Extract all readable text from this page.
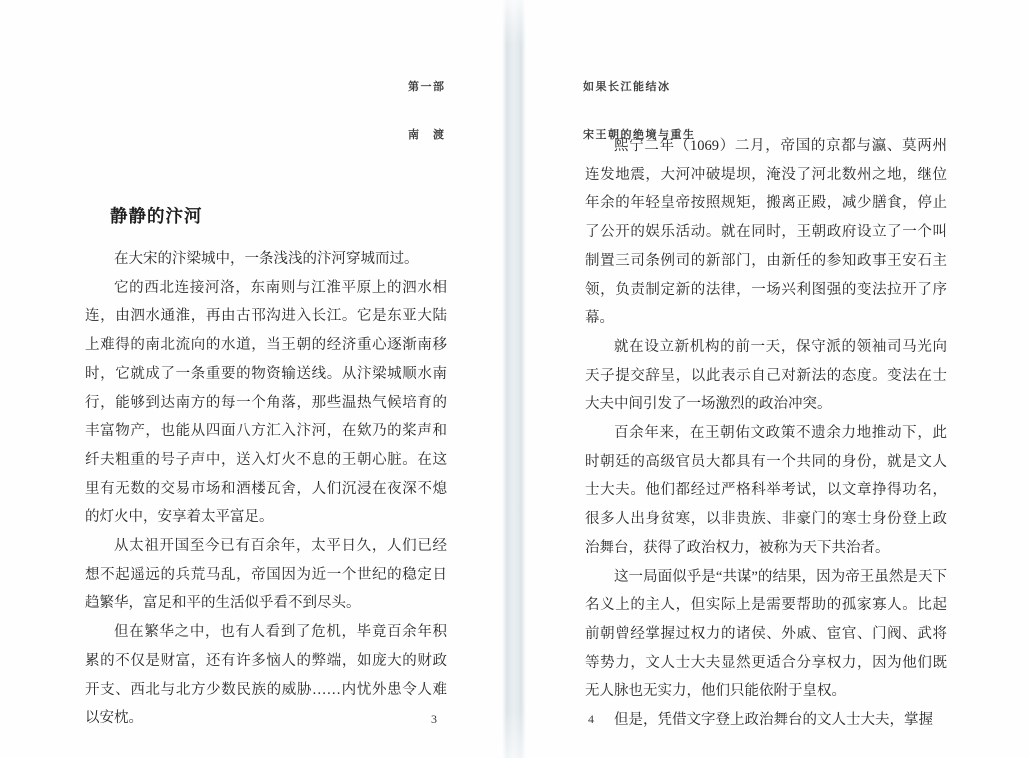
第一部

南　渡

静静的汴河

在大宋的汴梁城中，一条浅浅的汴河穿城而过。

它的西北连接河洛，东南则与江淮平原上的泗水相连，由泗水通淮，再由古邗沟进入长江。它是东亚大陆上难得的南北流向的水道，当王朝的经济重心逐渐南移时，它就成了一条重要的物资输送线。从汴梁城顺水南行，能够到达南方的每一个角落，那些温热气候培育的丰富物产，也能从四面八方汇入汴河，在欸乃的桨声和纤夫粗重的号子声中，送入灯火不息的王朝心脏。在这里有无数的交易市场和酒楼瓦舍，人们沉浸在夜深不熄的灯火中，安享着太平富足。

从太祖开国至今已有百余年，太平日久，人们已经想不起遥远的兵荒马乱，帝国因为近一个世纪的稳定日趋繁华，富足和平的生活似乎看不到尽头。

但在繁华之中，也有人看到了危机，毕竟百余年积累的不仅是财富，还有许多恼人的弊端，如庞大的财政开支、西北与北方少数民族的威胁……内忧外患令人难以安枕。	3

如果长江能结冰

宋王朝的绝境与重生

熙宁二年（1069）二月，帝国的京都与瀛、莫两州连发地震，大河冲破堤坝，淹没了河北数州之地，继位年余的年轻皇帝按照规矩，搬离正殿，减少膳食，停止了公开的娱乐活动。就在同时，王朝政府设立了一个叫制置三司条例司的新部门，由新任的参知政事王安石主领，负责制定新的法律，一场兴利图强的变法拉开了序幕。

就在设立新机构的前一天，保守派的领袖司马光向天子提交辞呈，以此表示自己对新法的态度。变法在士大夫中间引发了一场激烈的政治冲突。

百余年来，在王朝佑文政策不遗余力地推动下，此时朝廷的高级官员大都具有一个共同的身份，就是文人士大夫。他们都经过严格科举考试，以文章挣得功名，很多人出身贫寒，以非贵族、非豪门的寒士身份登上政治舞台，获得了政治权力，被称为天下共治者。

这一局面似乎是“共谋”的结果，因为帝王虽然是天下名义上的主人，但实际上是需要帮助的孤家寡人。比起前朝曾经掌握过权力的诸侯、外戚、宦官、门阀、武将等势力，文人士大夫显然更适合分享权力，因为他们既无人脉也无实力，他们只能依附于皇权。

但是，凭借文字登上政治舞台的文人士大夫，掌握

4
